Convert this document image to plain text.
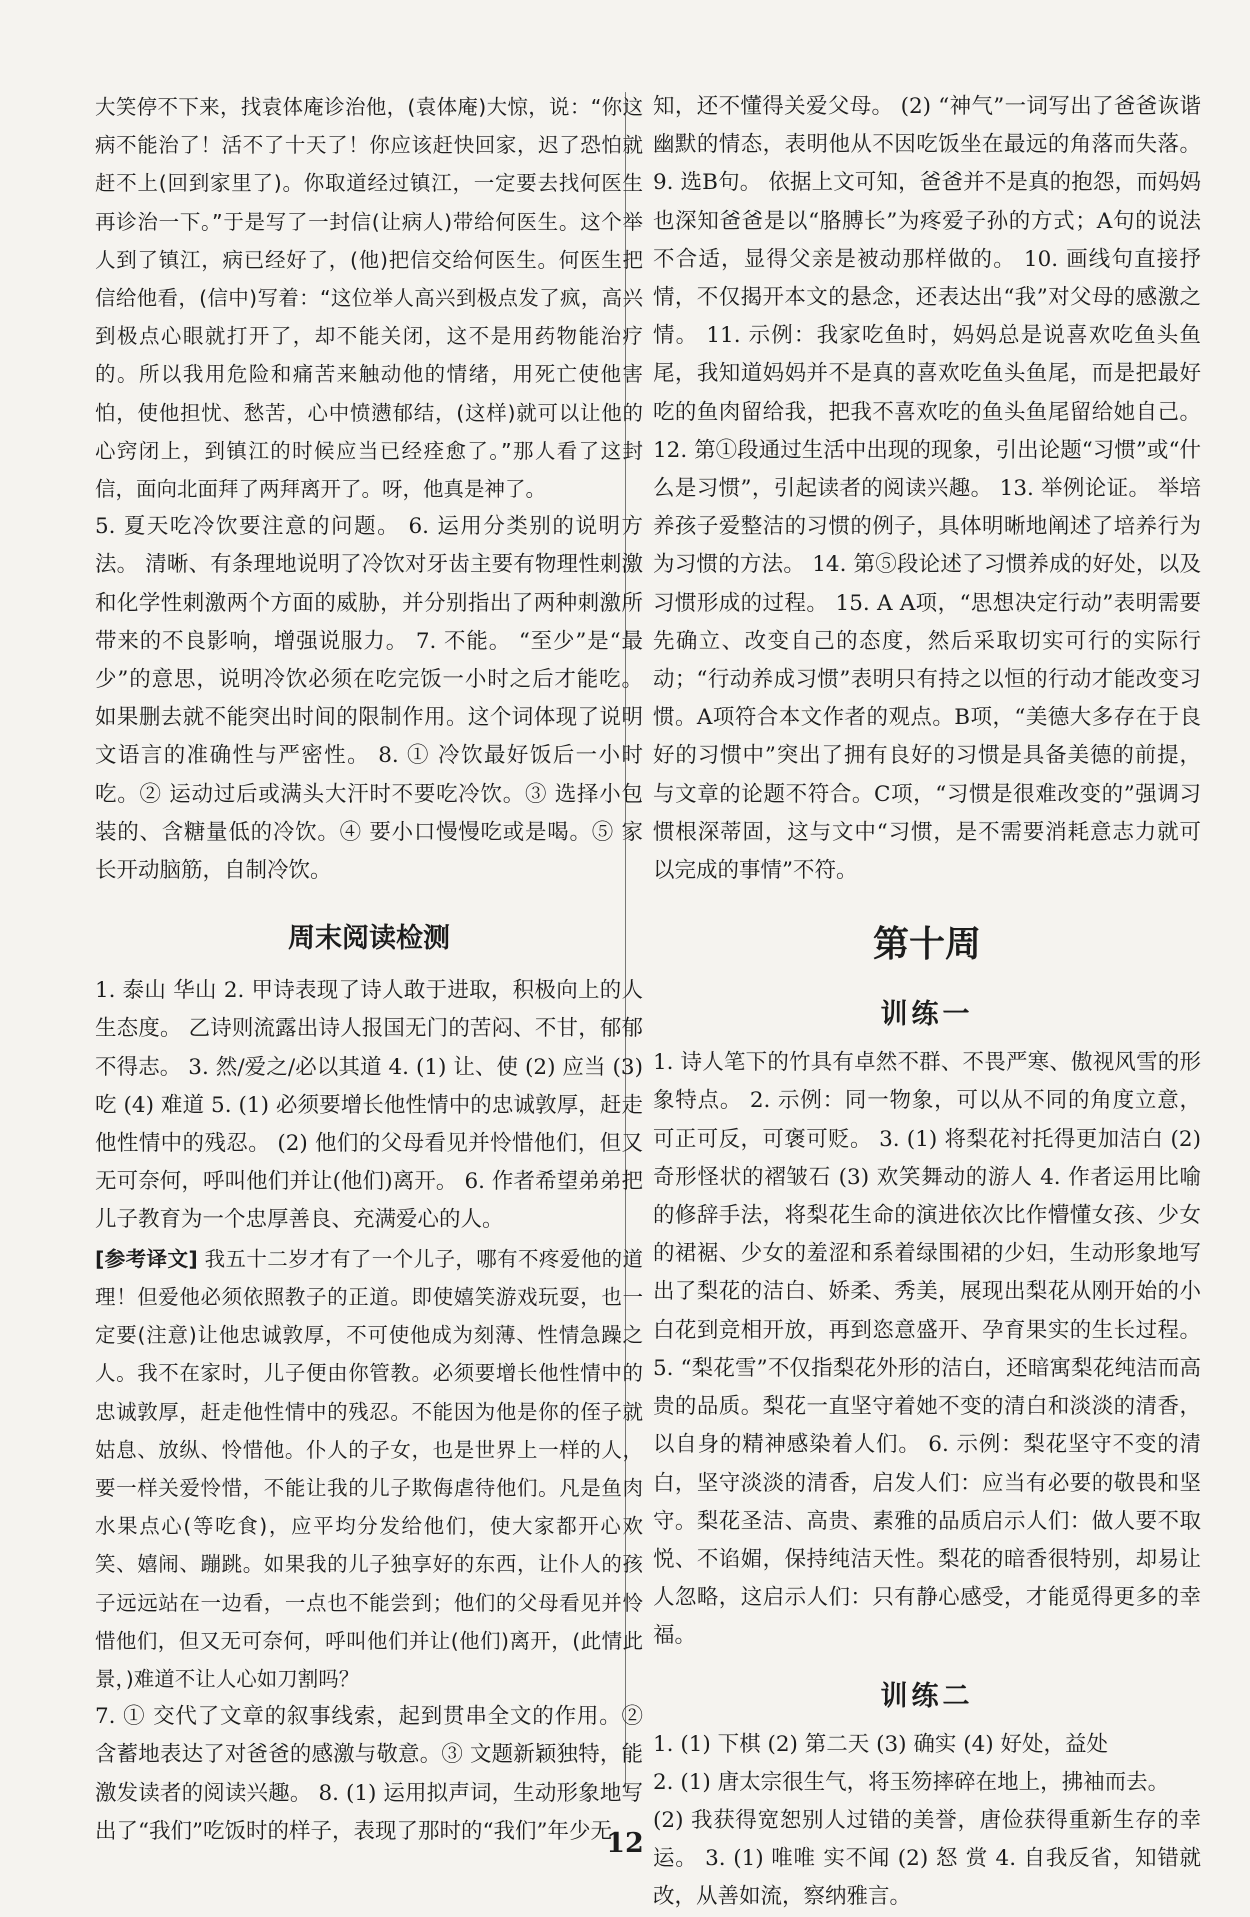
大笑停不下来，找袁体庵诊治他，(袁体庵)大惊，说：“你这病不能治了！活不了十天了！你应该赶快回家，迟了恐怕就赶不上(回到家里了)。你取道经过镇江，一定要去找何医生再诊治一下。”于是写了一封信(让病人)带给何医生。这个举人到了镇江，病已经好了，(他)把信交给何医生。何医生把信给他看，(信中)写着：“这位举人高兴到极点发了疯，高兴到极点心眼就打开了，却不能关闭，这不是用药物能治疗的。所以我用危险和痛苦来触动他的情绪，用死亡使他害怕，使他担忧、愁苦，心中愤懑郁结，(这样)就可以让他的心窍闭上，到镇江的时候应当已经痊愈了。”那人看了这封信，面向北面拜了两拜离开了。呀，他真是神了。

5. 夏天吃冷饮要注意的问题。 6. 运用分类别的说明方法。 清晰、有条理地说明了冷饮对牙齿主要有物理性刺激和化学性刺激两个方面的威胁，并分别指出了两种刺激所带来的不良影响，增强说服力。 7. 不能。 “至少”是“最少”的意思，说明冷饮必须在吃完饭一小时之后才能吃。如果删去就不能突出时间的限制作用。这个词体现了说明文语言的准确性与严密性。 8. ① 冷饮最好饭后一小时吃。② 运动过后或满头大汗时不要吃冷饮。③ 选择小包装的、含糖量低的冷饮。④ 要小口慢慢吃或是喝。⑤ 家长开动脑筋，自制冷饮。

周末阅读检测

1. 泰山 华山 2. 甲诗表现了诗人敢于进取，积极向上的人生态度。 乙诗则流露出诗人报国无门的苦闷、不甘，郁郁不得志。 3. 然/爱之/必以其道 4. (1) 让、使 (2) 应当 (3) 吃 (4) 难道 5. (1) 必须要增长他性情中的忠诚敦厚，赶走他性情中的残忍。 (2) 他们的父母看见并怜惜他们，但又无可奈何，呼叫他们并让(他们)离开。 6. 作者希望弟弟把儿子教育为一个忠厚善良、充满爱心的人。

[参考译文] 我五十二岁才有了一个儿子，哪有不疼爱他的道理！但爱他必须依照教子的正道。即使嬉笑游戏玩耍，也一定要(注意)让他忠诚敦厚，不可使他成为刻薄、性情急躁之人。我不在家时，儿子便由你管教。必须要增长他性情中的忠诚敦厚，赶走他性情中的残忍。不能因为他是你的侄子就姑息、放纵、怜惜他。仆人的子女，也是世界上一样的人，要一样关爱怜惜，不能让我的儿子欺侮虐待他们。凡是鱼肉水果点心(等吃食)，应平均分发给他们，使大家都开心欢笑、嬉闹、蹦跳。如果我的儿子独享好的东西，让仆人的孩子远远站在一边看，一点也不能尝到；他们的父母看见并怜惜他们，但又无可奈何，呼叫他们并让(他们)离开，(此情此景，)难道不让人心如刀割吗？

7. ① 交代了文章的叙事线索，起到贯串全文的作用。② 含蓄地表达了对爸爸的感激与敬意。③ 文题新颖独特，能激发读者的阅读兴趣。 8. (1) 运用拟声词，生动形象地写出了“我们”吃饭时的样子，表现了那时的“我们”年少无

知，还不懂得关爱父母。 (2) “神气”一词写出了爸爸诙谐幽默的情态，表明他从不因吃饭坐在最远的角落而失落。 9. 选B句。 依据上文可知，爸爸并不是真的抱怨，而妈妈也深知爸爸是以“胳膊长”为疼爱子孙的方式；A句的说法不合适，显得父亲是被动那样做的。 10. 画线句直接抒情，不仅揭开本文的悬念，还表达出“我”对父母的感激之情。 11. 示例：我家吃鱼时，妈妈总是说喜欢吃鱼头鱼尾，我知道妈妈并不是真的喜欢吃鱼头鱼尾，而是把最好吃的鱼肉留给我，把我不喜欢吃的鱼头鱼尾留给她自己。 12. 第①段通过生活中出现的现象，引出论题“习惯”或“什么是习惯”，引起读者的阅读兴趣。 13. 举例论证。 举培养孩子爱整洁的习惯的例子，具体明晰地阐述了培养行为为习惯的方法。 14. 第⑤段论述了习惯养成的好处，以及习惯形成的过程。 15. A A项，“思想决定行动”表明需要先确立、改变自己的态度，然后采取切实可行的实际行动；“行动养成习惯”表明只有持之以恒的行动才能改变习惯。A项符合本文作者的观点。B项，“美德大多存在于良好的习惯中”突出了拥有良好的习惯是具备美德的前提，与文章的论题不符合。C项，“习惯是很难改变的”强调习惯根深蒂固，这与文中“习惯，是不需要消耗意志力就可以完成的事情”不符。

第十周
训练一

1. 诗人笔下的竹具有卓然不群、不畏严寒、傲视风雪的形象特点。 2. 示例：同一物象，可以从不同的角度立意，可正可反，可褒可贬。 3. (1) 将梨花衬托得更加洁白 (2) 奇形怪状的褶皱石 (3) 欢笑舞动的游人 4. 作者运用比喻的修辞手法，将梨花生命的演进依次比作懵懂女孩、少女的裙裾、少女的羞涩和系着绿围裙的少妇，生动形象地写出了梨花的洁白、娇柔、秀美，展现出梨花从刚开始的小白花到竞相开放，再到恣意盛开、孕育果实的生长过程。 5. “梨花雪”不仅指梨花外形的洁白，还暗寓梨花纯洁而高贵的品质。梨花一直坚守着她不变的清白和淡淡的清香，以自身的精神感染着人们。 6. 示例：梨花坚守不变的清白，坚守淡淡的清香，启发人们：应当有必要的敬畏和坚守。梨花圣洁、高贵、素雅的品质启示人们：做人要不取悦、不谄媚，保持纯洁天性。梨花的暗香很特别，却易让人忽略，这启示人们：只有静心感受，才能觅得更多的幸福。

训练二

1. (1) 下棋 (2) 第二天 (3) 确实 (4) 好处，益处

2. (1) 唐太宗很生气，将玉笏摔碎在地上，拂袖而去。

(2) 我获得宽恕别人过错的美誉，唐俭获得重新生存的幸运。 3. (1) 唯唯 实不闻 (2) 怒 赏 4. 自我反省，知错就改，从善如流，察纳雅言。

12
